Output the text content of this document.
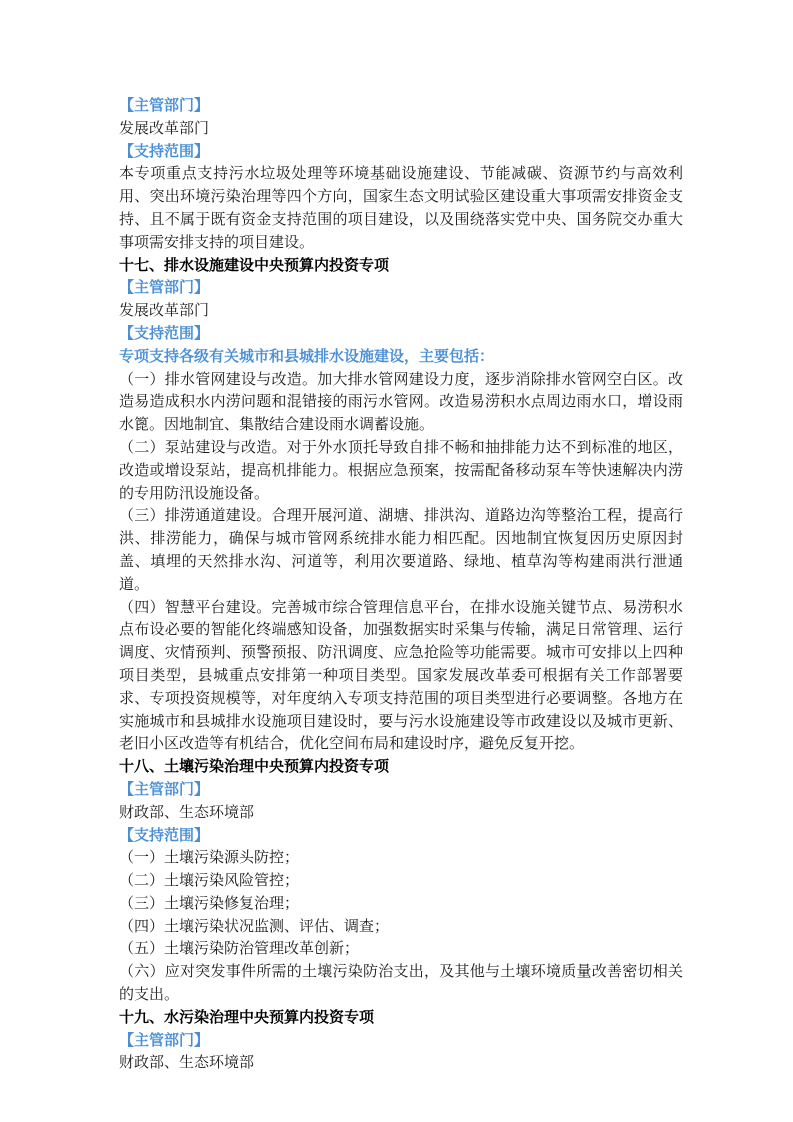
【主管部门】

发展改革部门

【支持范围】

本专项重点支持污水垃圾处理等环境基础设施建设、节能减碳、资源节约与高效利用、突出环境污染治理等四个方向，国家生态文明试验区建设重大事项需安排资金支持、且不属于既有资金支持范围的项目建设，以及围绕落实党中央、国务院交办重大事项需安排支持的项目建设。

十七、排水设施建设中央预算内投资专项

【主管部门】

发展改革部门

【支持范围】

专项支持各级有关城市和县城排水设施建设，主要包括：

（一）排水管网建设与改造。加大排水管网建设力度，逐步消除排水管网空白区。改造易造成积水内涝问题和混错接的雨污水管网。改造易涝积水点周边雨水口，增设雨水篦。因地制宜、集散结合建设雨水调蓄设施。

（二）泵站建设与改造。对于外水顶托导致自排不畅和抽排能力达不到标准的地区，改造或增设泵站，提高机排能力。根据应急预案，按需配备移动泵车等快速解决内涝的专用防汛设施设备。

（三）排涝通道建设。合理开展河道、湖塘、排洪沟、道路边沟等整治工程，提高行洪、排涝能力，确保与城市管网系统排水能力相匹配。因地制宜恢复因历史原因封盖、填埋的天然排水沟、河道等，利用次要道路、绿地、植草沟等构建雨洪行泄通道。

（四）智慧平台建设。完善城市综合管理信息平台，在排水设施关键节点、易涝积水点布设必要的智能化终端感知设备，加强数据实时采集与传输，满足日常管理、运行调度、灾情预判、预警预报、防汛调度、应急抢险等功能需要。城市可安排以上四种项目类型，县城重点安排第一种项目类型。国家发展改革委可根据有关工作部署要求、专项投资规模等，对年度纳入专项支持范围的项目类型进行必要调整。各地方在实施城市和县城排水设施项目建设时，要与污水设施建设等市政建设以及城市更新、老旧小区改造等有机结合，优化空间布局和建设时序，避免反复开挖。

十八、土壤污染治理中央预算内投资专项

【主管部门】

财政部、生态环境部

【支持范围】

（一）土壤污染源头防控；

（二）土壤污染风险管控；

（三）土壤污染修复治理；

（四）土壤污染状况监测、评估、调查；

（五）土壤污染防治管理改革创新；

（六）应对突发事件所需的土壤污染防治支出，及其他与土壤环境质量改善密切相关的支出。

十九、水污染治理中央预算内投资专项

【主管部门】

财政部、生态环境部
